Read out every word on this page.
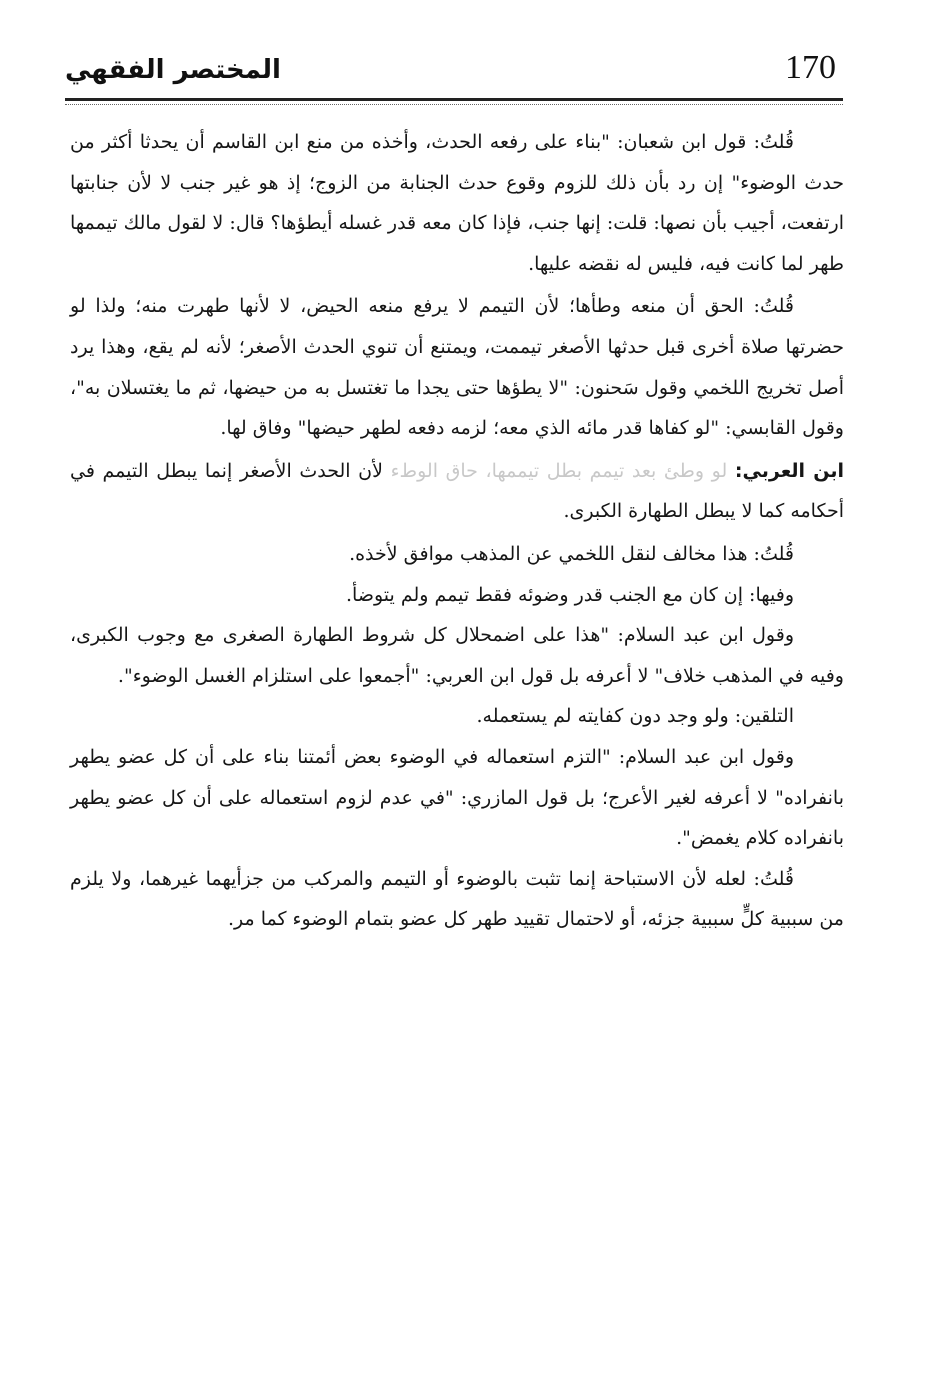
170
المختصر الفقهي

قُلتُ: قول ابن شعبان: "بناء على رفعه الحدث، وأخذه من منع ابن القاسم أن يحدثا أكثر من حدث الوضوء" إن رد بأن ذلك للزوم وقوع حدث الجنابة من الزوج؛ إذ هو غير جنب لا لأن جنابتها ارتفعت، أجيب بأن نصها: قلت: إنها جنب، فإذا كان معه قدر غسله أيطؤها؟ قال: لا لقول مالك تيممها طهر لما كانت فيه، فليس له نقضه عليها.

قُلتُ: الحق أن منعه وطأها؛ لأن التيمم لا يرفع منعه الحيض، لا لأنها طهرت منه؛ ولذا لو حضرتها صلاة أخرى قبل حدثها الأصغر تيممت، ويمتنع أن تنوي الحدث الأصغر؛ لأنه لم يقع، وهذا يرد أصل تخريج اللخمي وقول سَحنون: "لا يطؤها حتى يجدا ما تغتسل به من حيضها، ثم ما يغتسلان به"، وقول القابسي: "لو كفاها قدر مائه الذي معه؛ لزمه دفعه لطهر حيضها" وفاق لها.

ابن العربي: لو وطئ بعد تيمم بطل تيممها، حاق الوطء لأن الحدث الأصغر إنما يبطل التيمم في أحكامه كما لا يبطل الطهارة الكبرى.

قُلتُ: هذا مخالف لنقل اللخمي عن المذهب موافق لأخذه.

وفيها: إن كان مع الجنب قدر وضوئه فقط تيمم ولم يتوضأ.

وقول ابن عبد السلام: "هذا على اضمحلال كل شروط الطهارة الصغرى مع وجوب الكبرى، وفيه في المذهب خلاف" لا أعرفه بل قول ابن العربي: "أجمعوا على استلزام الغسل الوضوء".

التلقين: ولو وجد دون كفايته لم يستعمله.

وقول ابن عبد السلام: "التزم استعماله في الوضوء بعض أئمتنا بناء على أن كل عضو يطهر بانفراده" لا أعرفه لغير الأعرج؛ بل قول المازري: "في عدم لزوم استعماله على أن كل عضو يطهر بانفراده كلام يغمض".

قُلتُ: لعله لأن الاستباحة إنما تثبت بالوضوء أو التيمم والمركب من جزأيهما غيرهما، ولا يلزم من سببية كلٍّ سببية جزئه، أو لاحتمال تقييد طهر كل عضو بتمام الوضوء كما مر.
